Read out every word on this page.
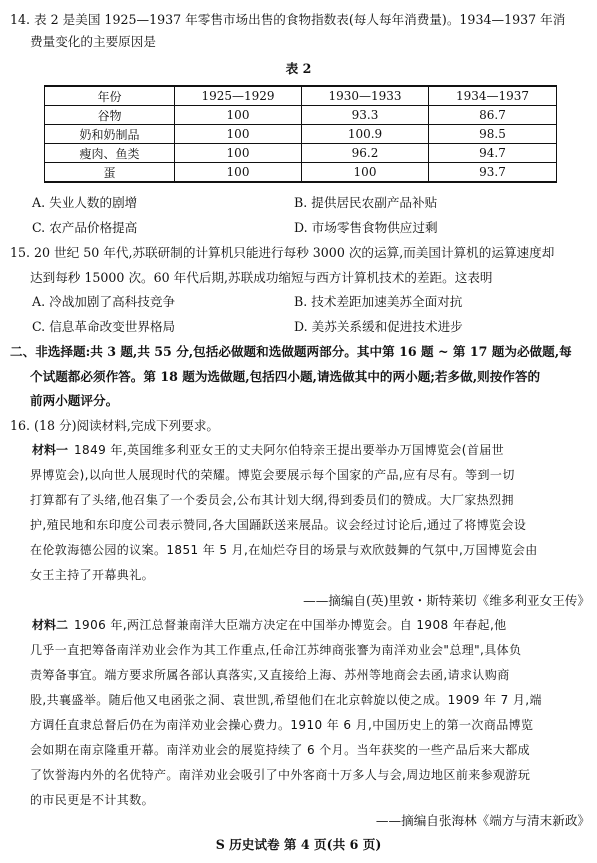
14. 表 2 是美国 1925—1937 年零售市场出售的食物指数表(每人每年消费量)。1934—1937 年消
费量变化的主要原因是
表 2
年份	1925—1929	1930—1933	1934—1937
谷物	100	93.3	86.7
奶和奶制品	100	100.9	98.5
瘦肉、鱼类	100	96.2	94.7
蛋	100	100	93.7
A. 失业人数的剧增	B. 提供居民农副产品补贴
C. 农产品价格提高	D. 市场零售食物供应过剩
15. 20 世纪 50 年代,苏联研制的计算机只能进行每秒 3000 次的运算,而美国计算机的运算速度却
达到每秒 15000 次。60 年代后期,苏联成功缩短与西方计算机技术的差距。这表明
A. 冷战加剧了高科技竞争	B. 技术差距加速美苏全面对抗
C. 信息革命改变世界格局	D. 美苏关系缓和促进技术进步
二、非选择题:共 3 题,共 55 分,包括必做题和选做题两部分。其中第 16 题 ~ 第 17 题为必做题,每
个试题都必须作答。第 18 题为选做题,包括四小题,请选做其中的两小题;若多做,则按作答的
前两小题评分。
16. (18 分)阅读材料,完成下列要求。
材料一 1849 年,英国维多利亚女王的丈夫阿尔伯特亲王提出要举办万国博览会(首届世
界博览会),以向世人展现时代的荣耀。博览会要展示每个国家的产品,应有尽有。等到一切
打算都有了头绪,他召集了一个委员会,公布其计划大纲,得到委员们的赞成。大厂家热烈拥
护,殖民地和东印度公司表示赞同,各大国踊跃送来展品。议会经过讨论后,通过了将博览会设
在伦敦海德公园的议案。1851 年 5 月,在灿烂夺目的场景与欢欣鼓舞的气氛中,万国博览会由
女王主持了开幕典礼。
——摘编自(英)里敦・斯特莱切《维多利亚女王传》
材料二 1906 年,两江总督兼南洋大臣端方决定在中国举办博览会。自 1908 年春起,他
几乎一直把筹备南洋劝业会作为其工作重点,任命江苏绅商张謇为南洋劝业会"总理",具体负
责筹备事宜。端方要求所属各部认真落实,又直接给上海、苏州等地商会去函,请求认购商
股,共襄盛举。随后他又电函张之洞、袁世凯,希望他们在北京斡旋以使之成。1909 年 7 月,端
方调任直隶总督后仍在为南洋劝业会操心费力。1910 年 6 月,中国历史上的第一次商品博览
会如期在南京隆重开幕。南洋劝业会的展览持续了 6 个月。当年获奖的一些产品后来大都成
了饮誉海内外的名优特产。南洋劝业会吸引了中外客商十万多人与会,周边地区前来参观游玩
的市民更是不计其数。
——摘编自张海林《端方与清末新政》
S 历史试卷 第 4 页(共 6 页)
